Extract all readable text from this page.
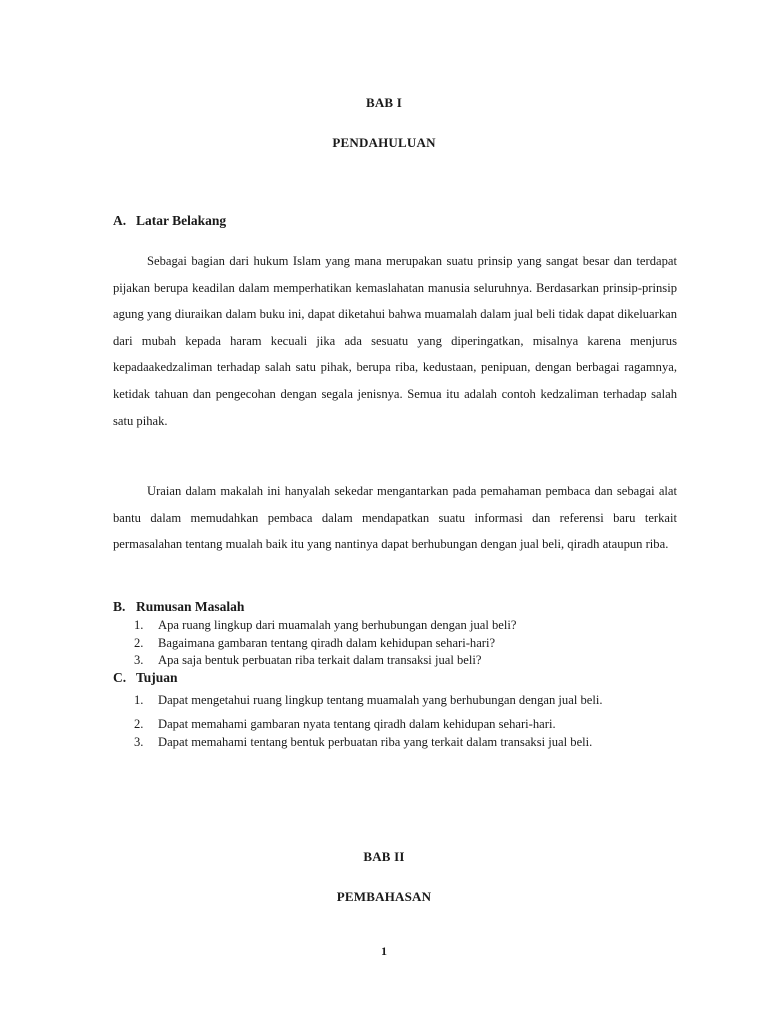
BAB I
PENDAHULUAN
A. Latar Belakang

Sebagai bagian dari hukum Islam yang mana merupakan suatu prinsip yang sangat besar dan terdapat pijakan berupa keadilan dalam memperhatikan kemaslahatan manusia seluruhnya. Berdasarkan prinsip-prinsip agung yang diuraikan dalam buku ini, dapat diketahui bahwa muamalah dalam jual beli tidak dapat dikeluarkan dari mubah kepada haram kecuali jika ada sesuatu yang diperingatkan, misalnya karena menjurus kepadaakedzaliman terhadap salah satu pihak, berupa riba, kedustaan, penipuan, dengan berbagai ragamnya, ketidak tahuan dan pengecohan dengan segala jenisnya. Semua itu adalah contoh kedzaliman terhadap salah satu pihak.

Uraian dalam makalah ini hanyalah sekedar mengantarkan pada pemahaman pembaca dan sebagai alat bantu dalam memudahkan pembaca dalam mendapatkan suatu informasi dan referensi baru terkait permasalahan tentang mualah baik itu yang nantinya dapat berhubungan dengan jual beli, qiradh ataupun riba.

B. Rumusan Masalah
1.	Apa ruang lingkup dari muamalah yang berhubungan dengan jual beli?
2.	Bagaimana gambaran tentang qiradh dalam kehidupan sehari-hari?
3.	Apa saja bentuk perbuatan riba terkait dalam transaksi jual beli?
C. Tujuan
1.	Dapat mengetahui ruang lingkup tentang muamalah yang berhubungan dengan jual beli.
2.	Dapat memahami gambaran nyata tentang qiradh dalam kehidupan sehari-hari.
3.	Dapat memahami tentang bentuk perbuatan riba yang terkait dalam transaksi jual beli.
BAB II
PEMBAHASAN
1
